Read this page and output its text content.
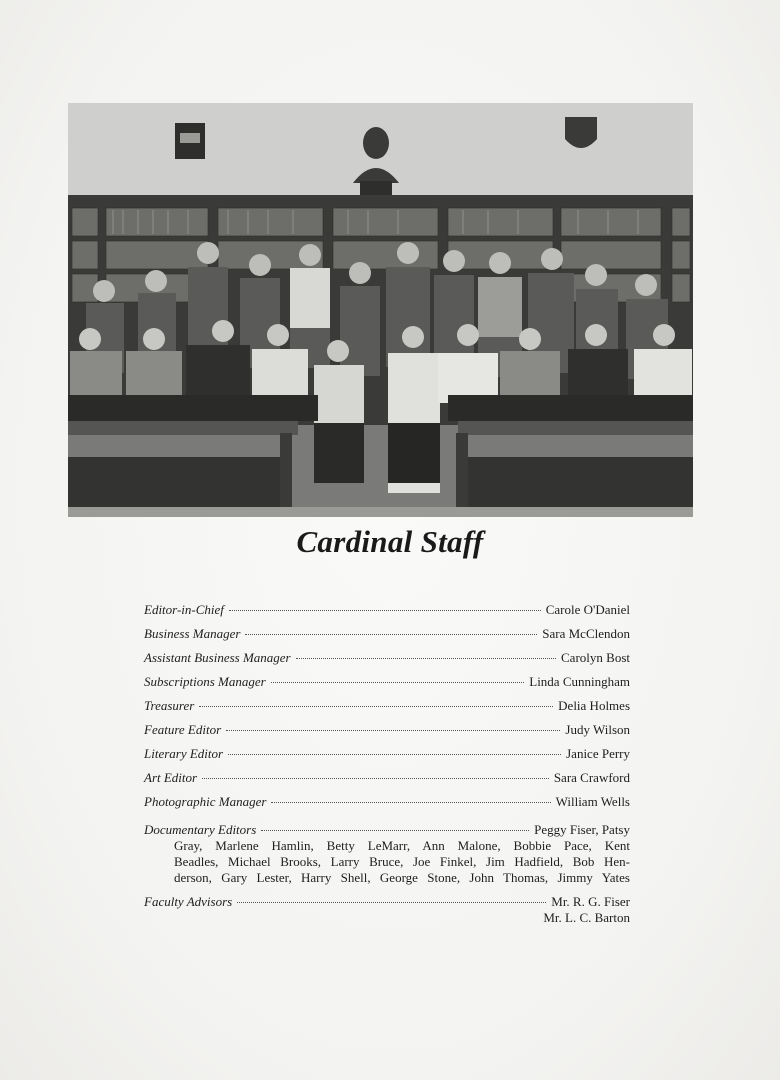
Cardinal Staff
Editor-in-Chief	Carole O'Daniel
Business Manager	Sara McClendon
Assistant Business Manager	Carolyn Bost
Subscriptions Manager	Linda Cunningham
Treasurer	Delia Holmes
Feature Editor	Judy Wilson
Literary Editor	Janice Perry
Art Editor	Sara Crawford
Photographic Manager	William Wells
Documentary Editors	Peggy Fiser, Patsy
Gray, Marlene Hamlin, Betty LeMarr, Ann Malone, Bobbie Pace, Kent
Beadles, Michael Brooks, Larry Bruce, Joe Finkel, Jim Hadfield, Bob Hen-
derson, Gary Lester, Harry Shell, George Stone, John Thomas, Jimmy Yates
Faculty Advisors	Mr. R. G. Fiser
Mr. L. C. Barton
